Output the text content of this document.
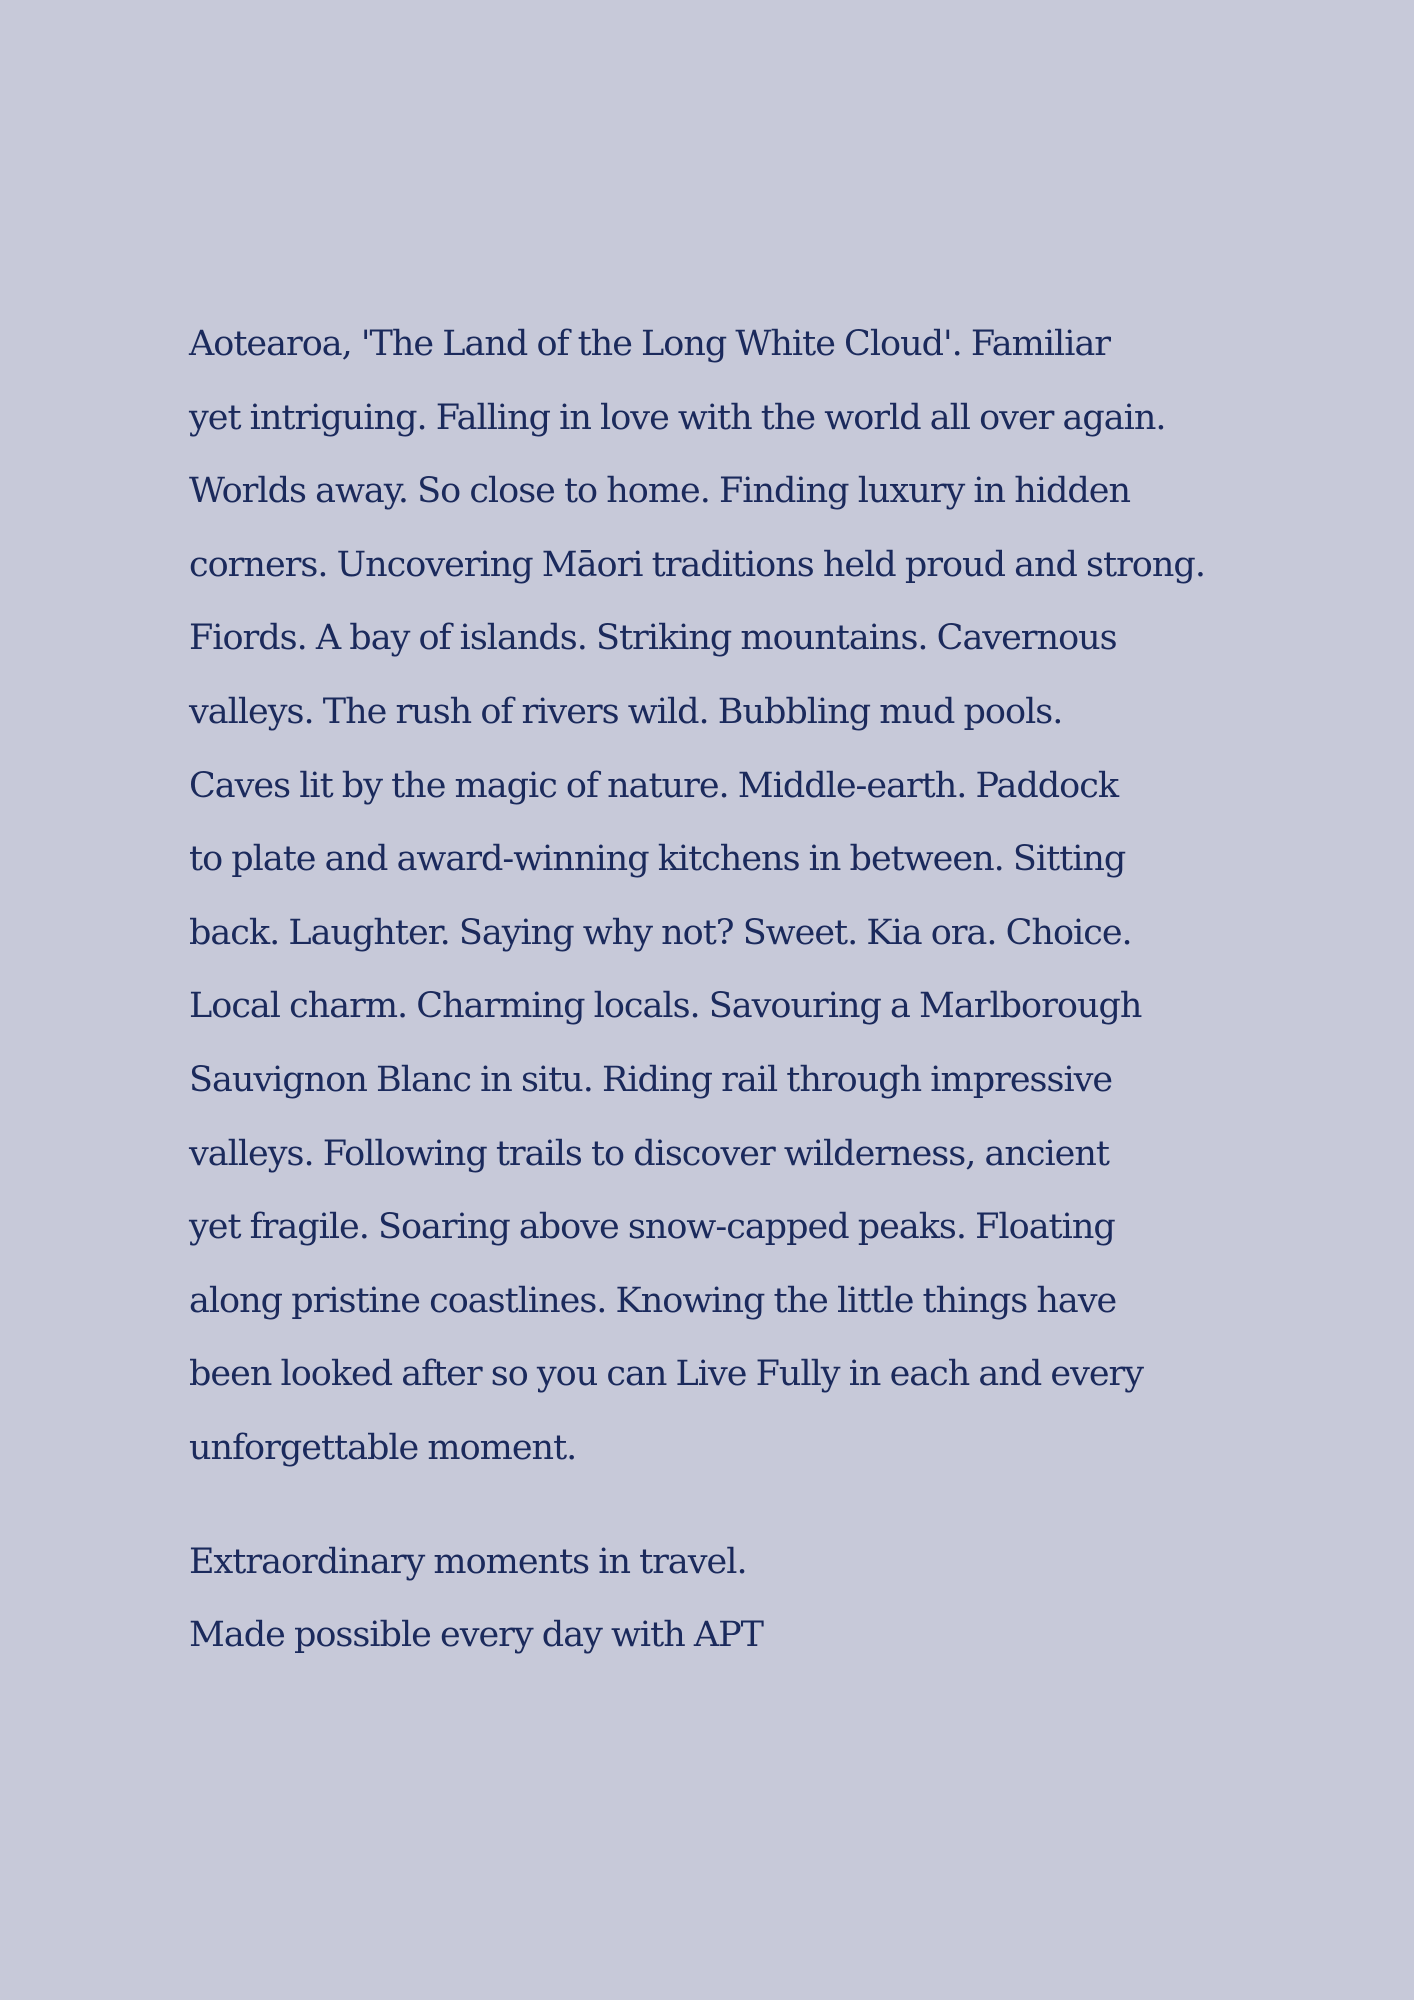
Aotearoa, 'The Land of the Long White Cloud'. Familiar
yet intriguing. Falling in love with the world all over again.
Worlds away. So close to home. Finding luxury in hidden
corners. Uncovering Māori traditions held proud and strong.
Fiords. A bay of islands. Striking mountains. Cavernous
valleys. The rush of rivers wild. Bubbling mud pools.
Caves lit by the magic of nature. Middle-earth. Paddock
to plate and award-winning kitchens in between. Sitting
back. Laughter. Saying why not? Sweet. Kia ora. Choice.
Local charm. Charming locals. Savouring a Marlborough
Sauvignon Blanc in situ. Riding rail through impressive
valleys. Following trails to discover wilderness, ancient
yet fragile. Soaring above snow-capped peaks. Floating
along pristine coastlines. Knowing the little things have
been looked after so you can Live Fully in each and every
unforgettable moment.
Extraordinary moments in travel.
Made possible every day with APT
